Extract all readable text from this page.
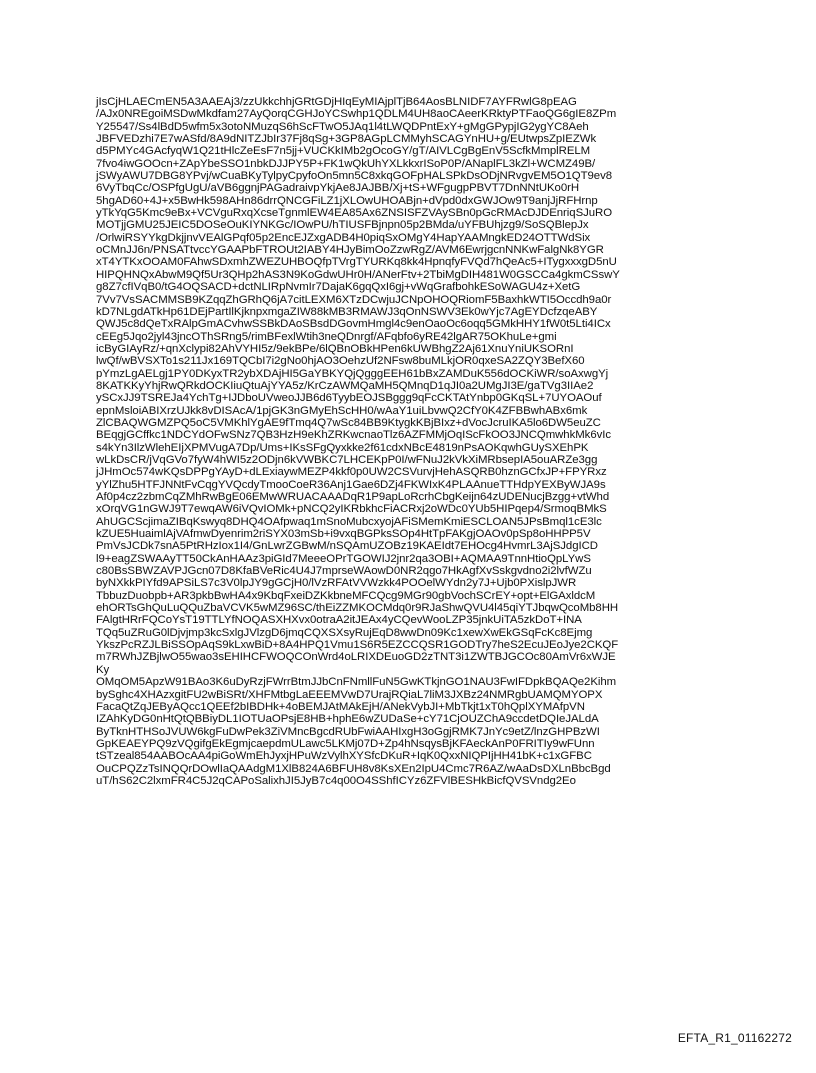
jIsCjHLAECmEN5A3AAEAj3/zzUkkchhjGRtGDjHIqEyMIAjplTjB64AosBLNIDF7AYFRwlG8pEAG
/AJx0NREgoiMSDwMkdfam27AyQorqCGHJoYCSwhp1QDLM4UH8aoCAeerKRktyPTFaoQG6gIE8ZPm
Y25547/Ss4lBdD5wfm5x3otoNMuzqS6hScFTwO5JAq1l4tLWQDPntExY+gMgGPypjIG2ygYC8Aeh
JBFVEDzhi7E7wASfd/8A9dNITZJbIr37Fj8qSg+3GP8AGpLCMMyhSCAGYnHU+g/EUtwpsZpIEZWk
d5PMYc4GAcfyqW1Q21tHlcZeEsF7n5jj+VUCKkIMb2gOcoGY/gT/AIVLCgBgEnV5ScfkMmplRELM
7fvo4iwGOOcn+ZApYbeSSO1nbkDJJPY5P+FK1wQkUhYXLkkxrISoP0P/ANaplFL3kZl+WCMZ49B/
jSWyAWU7DBG8YPvj/wCuaBKyTylpyCpyfoOn5mn5C8xkqGOFpHALSPkDsODjNRvgvEM5O1QT9ev8
6VyTbqCc/OSPfgUgU/aVB6ggnjPAGadraivpYkjAe8JAJBB/Xj+tS+WFgugpPBVT7DnNNtUKo0rH
5hgAD60+4J+x5BwHk598AHn86drrQNCGFiLZ1jXLOwUHOABjn+dVpd0dxGWJOw9T9anjJjRFHrnp
yTkYqG5Kmc9eBx+VCVguRxqXcseTgnmlEW4EA85Ax6ZNSISFZVAySBn0pGcRMAcDJDEnriqSJuRO
MOTjjGMU25JEIC5DOSeOuKIYNKGc/IOwPU/hTIUSFBjnpn05p2BMda/uYFBUhjzg9/SoSQBlepJx
/OrlwiRSYYkgDkjjnvVEAlGPqf05p2EncEJZxgADB4H0piqSxOMgY4HapYAAMngkED24OTTWdSix
oCMnJJ6n/PNSATtvccYGAAPbFTROUt2IABY4HJyBimOoZzwRgZ/AVM6EwrjgcnNNKwFalgNk8YGR
xT4YTKxOOAM0FAhwSDxmhZWEZUHBOQfpTVrgTYURKq8kk4HpnqfyFVQd7hQeAc5+ITygxxxgD5nU
HIPQHNQxAbwM9Qf5Ur3QHp2hAS3N9KoGdwUHr0H/ANerFtv+2TbiMgDIH481W0GSCCa4gkmCSswY
g8Z7cfIVqB0/tG4OQSACD+dctNLIRpNvmIr7DajaK6gqQxI6gj+vWqGrafbohkESoWAGU4z+XetG
7Vv7VsSACMMSB9KZqqZhGRhQ6jA7citLEXM6XTzDCwjuJCNpOHOQRiomF5BaxhkWTI5Occdh9a0r
kD7NLgdATkHp61DEjPartIlKjknpxmgaZIW88kMB3RMAWJ3qOnNSWV3Ek0wYjc7AgEYDcfzqeABY
QWJ5c8dQeTxRAlpGmACvhwSSBkDAoSBsdDGovmHmgl4c9enOaoOc6oqq5GMkHHY1fW0t5Lti4ICx
cEEg5Jqo2jyl43jncOThSRng5/rimBFexlWtih3neQDnrgf/AFqbfo6yRE42lgAR75OKhuLe+gmi
icByGIAyRz/+qnXclypi82AhVYHI5z/9ekBPe/6lQBnOBkHPen6kUWBhgZ2Aj61XnuYniUKSORnI
lwQf/wBVSXTo1s211Jx169TQCbI7i2gNo0hjAO3OehzUf2NFsw8buMLkjOR0qxeSA2ZQY3BefX60
pYmzLgAELgj1PY0DKyxTR2ybXDAjHI5GaYBKYQjQgggEEH61bBxZAMDuK556dOCKiWR/soAxwgYj
8KATKKyYhjRwQRkdOCKIiuQtuAjYYA5z/KrCzAWMQaMH5QMnqD1qJI0a2UMgJI3E/gaTVg3IIAe2
ySCxJJ9TSREJa4YchTg+IJDboUVweoJJB6d6TyybEOJSBggg9qFcCKTAtYnbp0GKqSL+7UYOAOuf
epnMsloiABIXrzUJkk8vDISAcA/1pjGK3nGMyEhScHH0/wAaY1uiLbvwQ2CfY0K4ZFBBwhABx6mk
ZlCBAQWGMZPQ5oC5VMKhlYgAE9fTmq4Q7wSc84BB9KtygkKBjBIxz+dVocJcruIKA5lo6DW5euZC
BEqgjGCffkc1NDCYdOFwSNz7QB3HzH9eKhZRKwcnaoTlz6AZFMMjOqIScFkOO3JNCQmwhkMk6vIc
s4kYn3IlzWlehEIjXPMVugA7Dp/Ums+IKsSFgQyxkke2f61cdxNBcE4819nPsAOKqwhGUySXEhPK
wLkDsCR/jVqGVo7fyW4hWI5z2ODjn6kVWBKC7LHCEKpP0I/wFNuJ2kVkXiMRbsepIA5ouARZe3gg
jJHmOc574wKQsDPPgYAyD+dLExiaywMEZP4kkf0p0UW2CSVurvjHehASQRB0hznGCfxJP+FPYRxz
yYlZhu5HTFJNNtFvCqgYVQcdyTmooCoeR36Anj1Gae6DZj4FKWIxK4PLAAnueTTHdpYEXByWJA9s
Af0p4cz2zbmCqZMhRwBgE06EMwWRUACAAADqR1P9apLoRcrhCbgKeijn64zUDENucjBzgg+vtWhd
xOrqVG1nGWJ9T7ewqAW6iVQvIOMk+pNCQ2yIKRbkhcFiACRxj2oWDc0YUb5HIPqep4/SrmoqBMkS
AhUGCScjimaZIBqKswyq8DHQ4OAfpwaq1mSnoMubcxyojAFiSMemKmiESCLOAN5JPsBmql1cE3lc
kZUE5HuaimlAjVAfmwDyenrim2riSYX03mSb+i9vxqBGPksSOp4HtTpFAKgjOAOv0pSp8oHHPP5V
PmVsJCDk7snA5PtRHzIox1I4/GnLwrZGBwM/nSQAmUZOBz19KAEIdt7EHOcg4HvmrL3AjSJdgICD
l9+eagZSWAAyTT50CkAnHAAz3piGId7MeeeOPrTGOWIJ2jnr2qa3OBI+AQMAA9TnnHtioQpLYwS
c80BsSBWZAVPJGcn07D8KfaBVeRic4U4J7mprseWAowD0NR2qgo7HkAgfXvSskgvdno2i2lvfWZu
byNXkkPIYfd9APSiLS7c3V0lpJY9gGCjH0/lVzRFAtVVWzkk4POOelWYdn2y7J+Ujb0PXislpJWR
TbbuzDuobpb+AR3pkbBwHA4x9KbqFxeiDZKkbneMFCQcg9MGr90gbVochSCrEY+opt+ElGAxldcM
ehORTsGhQuLuQQuZbaVCVK5wMZ96SC/thEiZZMKOCMdq0r9RJaShwQVU4l45qiYTJbqwQcoMb8HH
FAlgtHRrFQCoYsT19TTLYfNOQASXHXvx0otraA2itJEAx4yCQevWooLZP35jnkUiTA5zkDoT+INA
TQq5uZRuG0lDjvjmp3kcSxlgJVlzgD6jmqCQXSXsyRujEqD8wwDn09Kc1xewXwEkGSqFcKc8Ejmg
YkszPcRZJLBiSSOpAqS9kLxwBiD+8A4HPQ1Vmu1S6R5EZCCQSR1GODTry7heS2EcuJEoJye2CKQF
m7RWhJZBjlwO55wao3sEHIHCFWOQCOnWrd4oLRIXDEuoGD2zTNT3i1ZWTBJGCOc80AmVr6xWJE
Ky
OMqOM5ApzW91BAo3K6uDyRzjFWrrBtmJJbCnFNmllFuN5GwKTkjnGO1NAU3FwIFDpkBQAQe2Kihm
bySghc4XHAzxgitFU2wBiSRt/XHFMtbgLaEEEMVwD7UrajRQiaL7liM3JXBz24NMRgbUAMQMYOPX
FacaQtZqJEByAQcc1QEEf2bIBDHk+4oBEMJAtMAkEjH/ANekVybJI+MbTkjt1xT0hQplXYMAfpVN
IZAhKyDG0nHtQtQBBiyDL1IOTUaOPsjE8HB+hphE6wZUDaSe+cY71CjOUZChA9ccdetDQIeJALdA
ByTknHTHSoJVUW6kgFuDwPek3ZiVMncBgcdRUbFwiAAHIxgH3oGgjRMK7JnYc9etZ/lnzGHPBzWI
GpKEAEYPQ9zVQgifgEkEgmjcaepdmULawc5LKMj07D+Zp4hNsqysBjKFAeckAnP0FRITIy9wFUnn
tSTzeal854AABOcAA4piGoWmEhJyxjHPuWzVylhXYSfcDKuR+IqK0QxxNIQPIjHH41bK+c1xGFBC
OuCPQZzTsINQQrDOwlIaQAAdgM1XlB824A6BFUH8v8KsXEn2IpU4Cmc7R6AZ/wAaDsDXLnBbcBgd
uT/hS62C2lxmFR4C5J2qCAPoSalixhJI5JyB7c4q00O4SShfICYz6ZFVlBESHkBicfQVSVndg2Eo
EFTA_R1_01162272
